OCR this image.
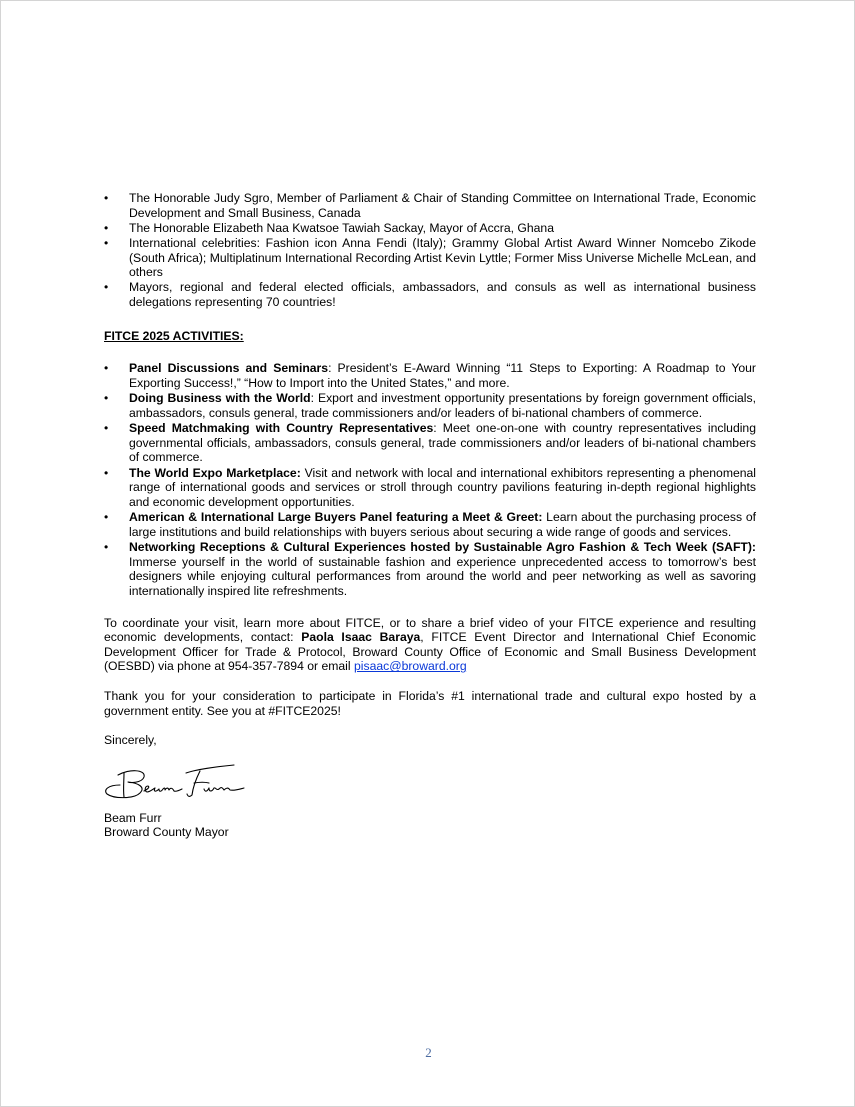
• The Honorable Judy Sgro, Member of Parliament & Chair of Standing Committee on International Trade, Economic Development and Small Business, Canada
• The Honorable Elizabeth Naa Kwatsoe Tawiah Sackay, Mayor of Accra, Ghana
• International celebrities: Fashion icon Anna Fendi (Italy); Grammy Global Artist Award Winner Nomcebo Zikode (South Africa); Multiplatinum International Recording Artist Kevin Lyttle; Former Miss Universe Michelle McLean, and others
• Mayors, regional and federal elected officials, ambassadors, and consuls as well as international business delegations representing 70 countries!
FITCE 2025 ACTIVITIES:
• Panel Discussions and Seminars: President’s E-Award Winning “11 Steps to Exporting: A Roadmap to Your Exporting Success!,” “How to Import into the United States,” and more.
• Doing Business with the World: Export and investment opportunity presentations by foreign government officials, ambassadors, consuls general, trade commissioners and/or leaders of bi-national chambers of commerce.
• Speed Matchmaking with Country Representatives: Meet one-on-one with country representatives including governmental officials, ambassadors, consuls general, trade commissioners and/or leaders of bi-national chambers of commerce.
• The World Expo Marketplace: Visit and network with local and international exhibitors representing a phenomenal range of international goods and services or stroll through country pavilions featuring in-depth regional highlights and economic development opportunities.
• American & International Large Buyers Panel featuring a Meet & Greet: Learn about the purchasing process of large institutions and build relationships with buyers serious about securing a wide range of goods and services.
• Networking Receptions & Cultural Experiences hosted by Sustainable Agro Fashion & Tech Week (SAFT): Immerse yourself in the world of sustainable fashion and experience unprecedented access to tomorrow’s best designers while enjoying cultural performances from around the world and peer networking as well as savoring internationally inspired lite refreshments.

To coordinate your visit, learn more about FITCE, or to share a brief video of your FITCE experience and resulting economic developments, contact: Paola Isaac Baraya, FITCE Event Director and International Chief Economic Development Officer for Trade & Protocol, Broward County Office of Economic and Small Business Development (OESBD) via phone at 954-357-7894 or email pisaac@broward.org

Thank you for your consideration to participate in Florida’s #1 international trade and cultural expo hosted by a government entity. See you at #FITCE2025!

Sincerely,

Beam Furr
Broward County Mayor
2
